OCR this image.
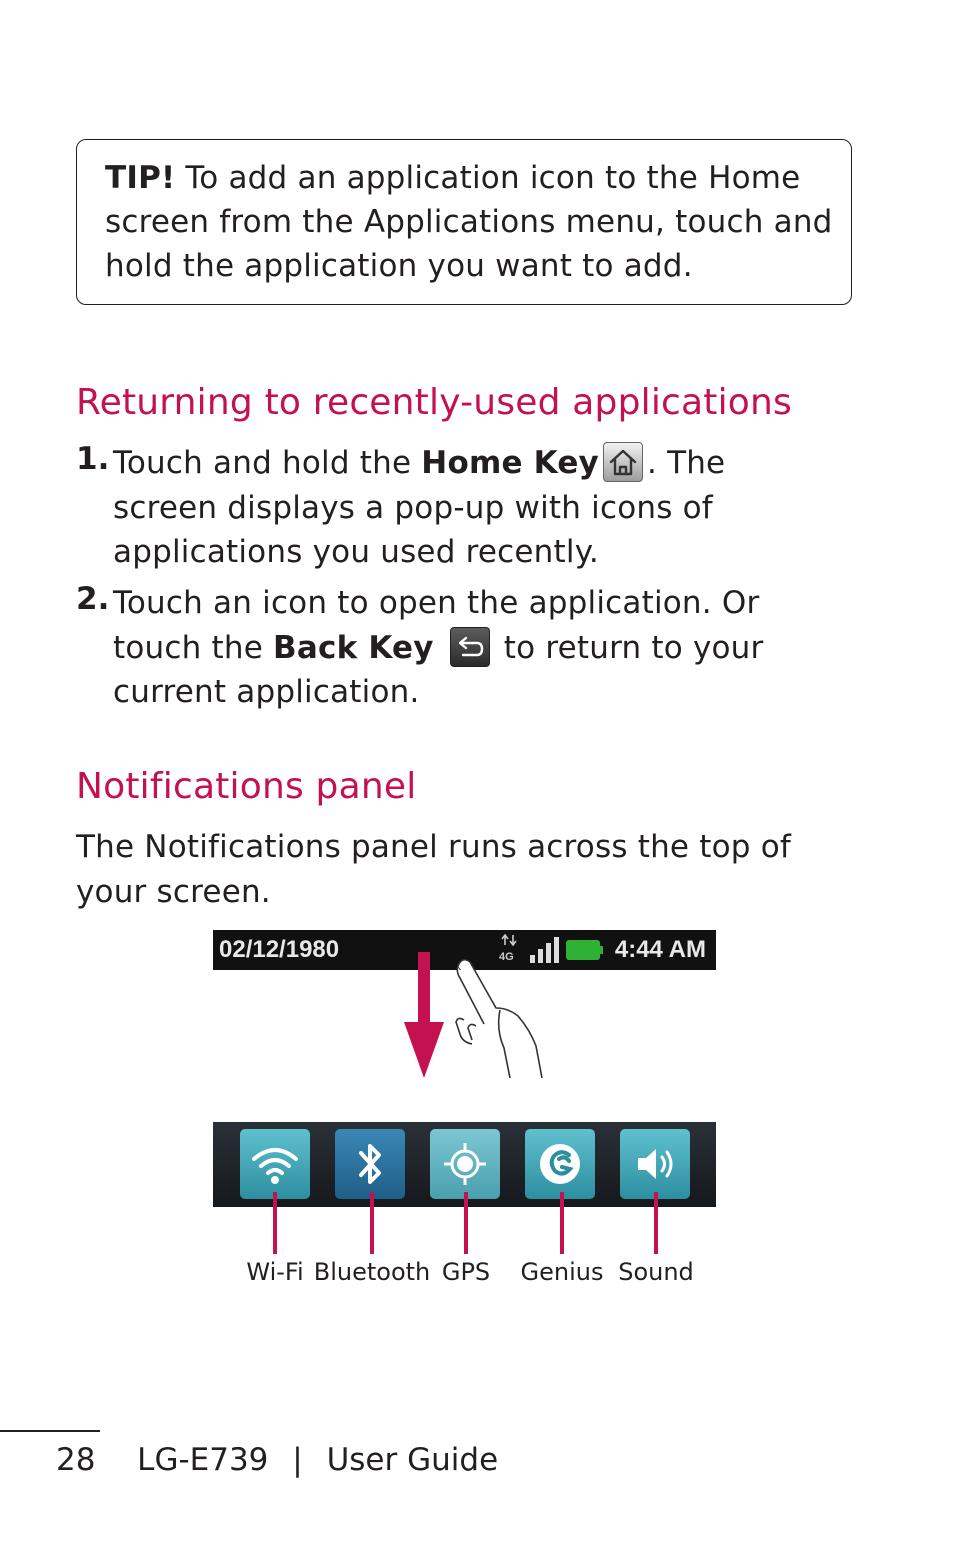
TIP! To add an application icon to the Home screen from the Applications menu, touch and hold the application you want to add.
Returning to recently-used applications
1. Touch and hold the Home Key . The screen displays a pop-up with icons of applications you used recently.
2. Touch an icon to open the application. Or touch the Back Key to return to your current application.
Notifications panel
The Notifications panel runs across the top of your screen.
02/12/1980	4G	4:44 AM
Wi-Fi Bluetooth GPS Genius Sound
28 LG-E739 | User Guide
